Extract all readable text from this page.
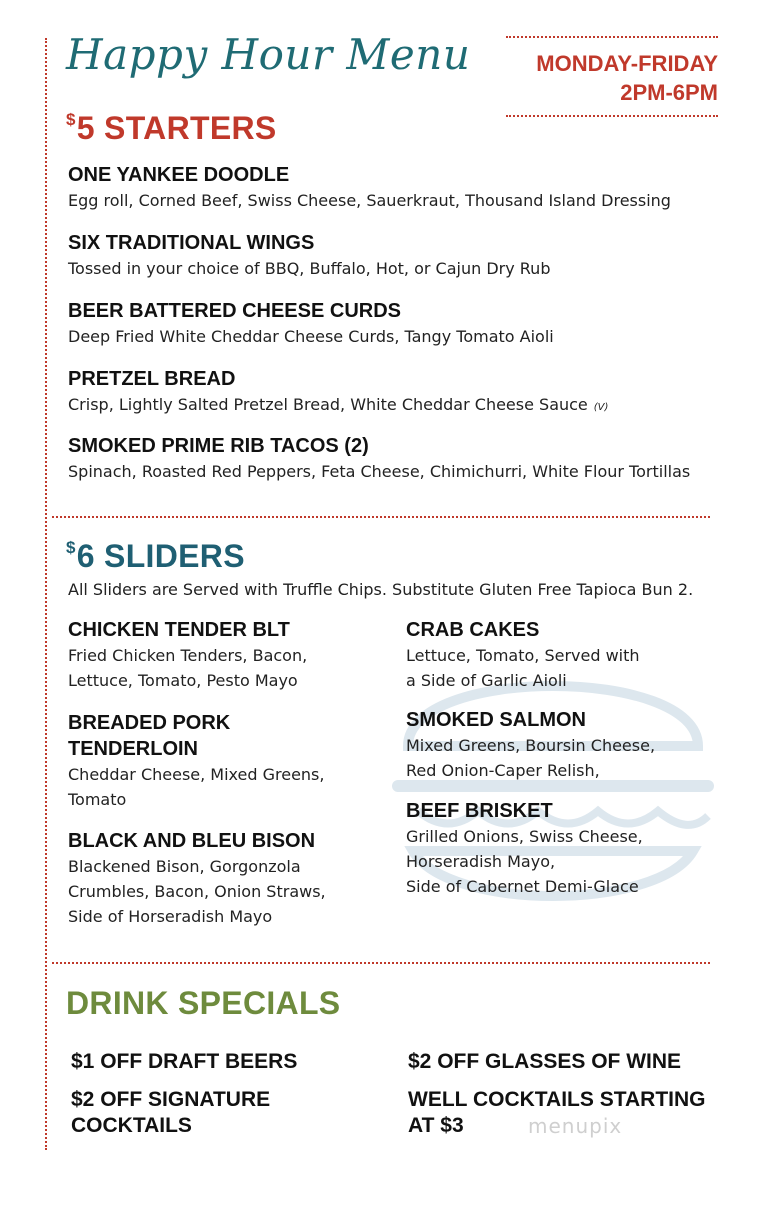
Happy Hour Menu	MONDAY-FRIDAY
2PM-6PM
$5 STARTERS
ONE YANKEE DOODLE
Egg roll, Corned Beef, Swiss Cheese, Sauerkraut, Thousand Island Dressing
SIX TRADITIONAL WINGS
Tossed in your choice of BBQ, Buffalo, Hot, or Cajun Dry Rub
BEER BATTERED CHEESE CURDS
Deep Fried White Cheddar Cheese Curds, Tangy Tomato Aioli
PRETZEL BREAD
Crisp, Lightly Salted Pretzel Bread, White Cheddar Cheese Sauce (V)
SMOKED PRIME RIB TACOS (2)
Spinach, Roasted Red Peppers, Feta Cheese, Chimichurri, White Flour Tortillas
$6 SLIDERS
All Sliders are Served with Truffle Chips. Substitute Gluten Free Tapioca Bun 2.
CHICKEN TENDER BLT
Fried Chicken Tenders, Bacon,
Lettuce, Tomato, Pesto Mayo
BREADED PORK
TENDERLOIN
Cheddar Cheese, Mixed Greens,
Tomato
BLACK AND BLEU BISON
Blackened Bison, Gorgonzola
Crumbles, Bacon, Onion Straws,
Side of Horseradish Mayo
CRAB CAKES
Lettuce, Tomato, Served with
a Side of Garlic Aioli
SMOKED SALMON
Mixed Greens, Boursin Cheese,
Red Onion-Caper Relish,
BEEF BRISKET
Grilled Onions, Swiss Cheese,
Horseradish Mayo,
Side of Cabernet Demi-Glace
DRINK SPECIALS
$1 OFF DRAFT BEERS	$2 OFF GLASSES OF WINE
$2 OFF SIGNATURE
COCKTAILS
WELL COCKTAILS STARTING
AT $3	menupix
